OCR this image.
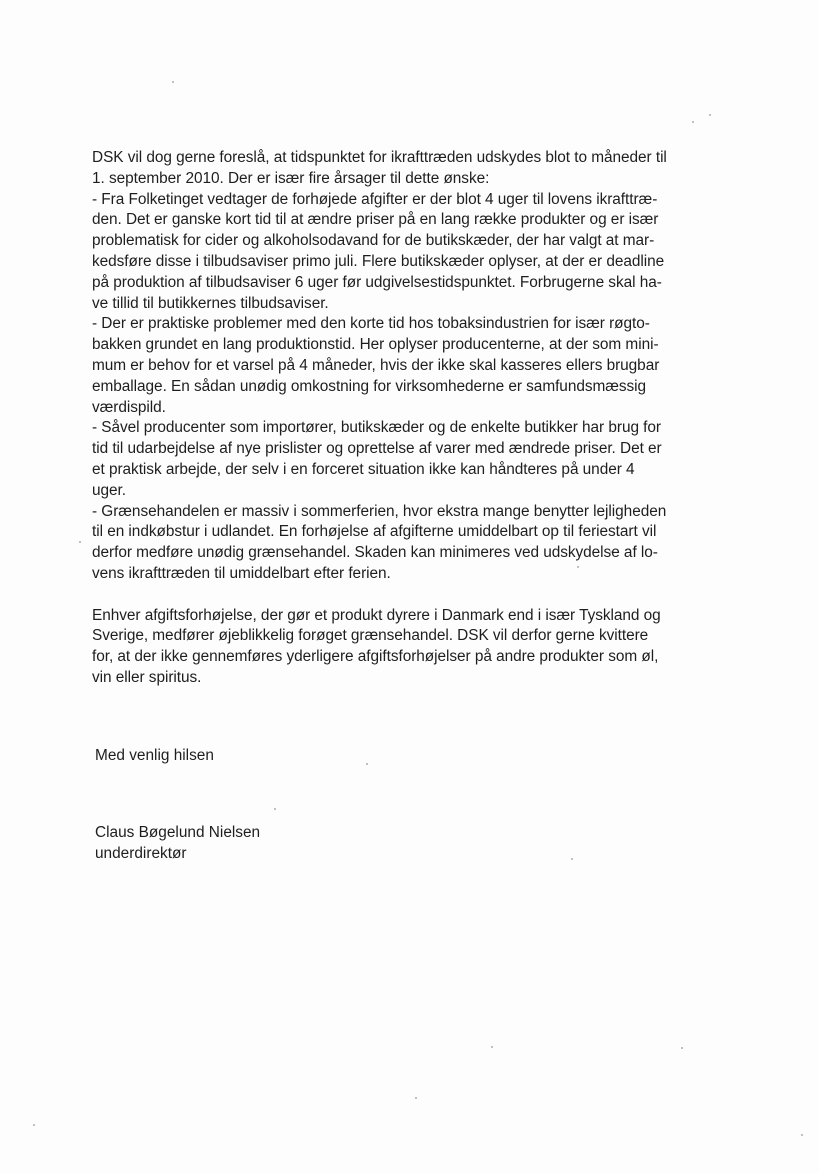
DSK vil dog gerne foreslå, at tidspunktet for ikrafttræden udskydes blot to måneder til
1. september 2010. Der er især fire årsager til dette ønske:
- Fra Folketinget vedtager de forhøjede afgifter er der blot 4 uger til lovens ikrafttræ-
den. Det er ganske kort tid til at ændre priser på en lang række produkter og er især
problematisk for cider og alkoholsodavand for de butikskæder, der har valgt at mar-
kedsføre disse i tilbudsaviser primo juli. Flere butikskæder oplyser, at der er deadline
på produktion af tilbudsaviser 6 uger før udgivelsestidspunktet. Forbrugerne skal ha-
ve tillid til butikkernes tilbudsaviser.
- Der er praktiske problemer med den korte tid hos tobaksindustrien for især røgto-
bakken grundet en lang produktionstid. Her oplyser producenterne, at der som mini-
mum er behov for et varsel på 4 måneder, hvis der ikke skal kasseres ellers brugbar
emballage. En sådan unødig omkostning for virksomhederne er samfundsmæssig
værdispild.
- Såvel producenter som importører, butikskæder og de enkelte butikker har brug for
tid til udarbejdelse af nye prislister og oprettelse af varer med ændrede priser. Det er
et praktisk arbejde, der selv i en forceret situation ikke kan håndteres på under 4
uger.
- Grænsehandelen er massiv i sommerferien, hvor ekstra mange benytter lejligheden
til en indkøbstur i udlandet. En forhøjelse af afgifterne umiddelbart op til feriestart vil
derfor medføre unødig grænsehandel. Skaden kan minimeres ved udskydelse af lo-
vens ikrafttræden til umiddelbart efter ferien.
Enhver afgiftsforhøjelse, der gør et produkt dyrere i Danmark end i især Tyskland og
Sverige, medfører øjeblikkelig forøget grænsehandel. DSK vil derfor gerne kvittere
for, at der ikke gennemføres yderligere afgiftsforhøjelser på andre produkter som øl,
vin eller spiritus.
Med venlig hilsen
Claus Bøgelund Nielsen
underdirektør
